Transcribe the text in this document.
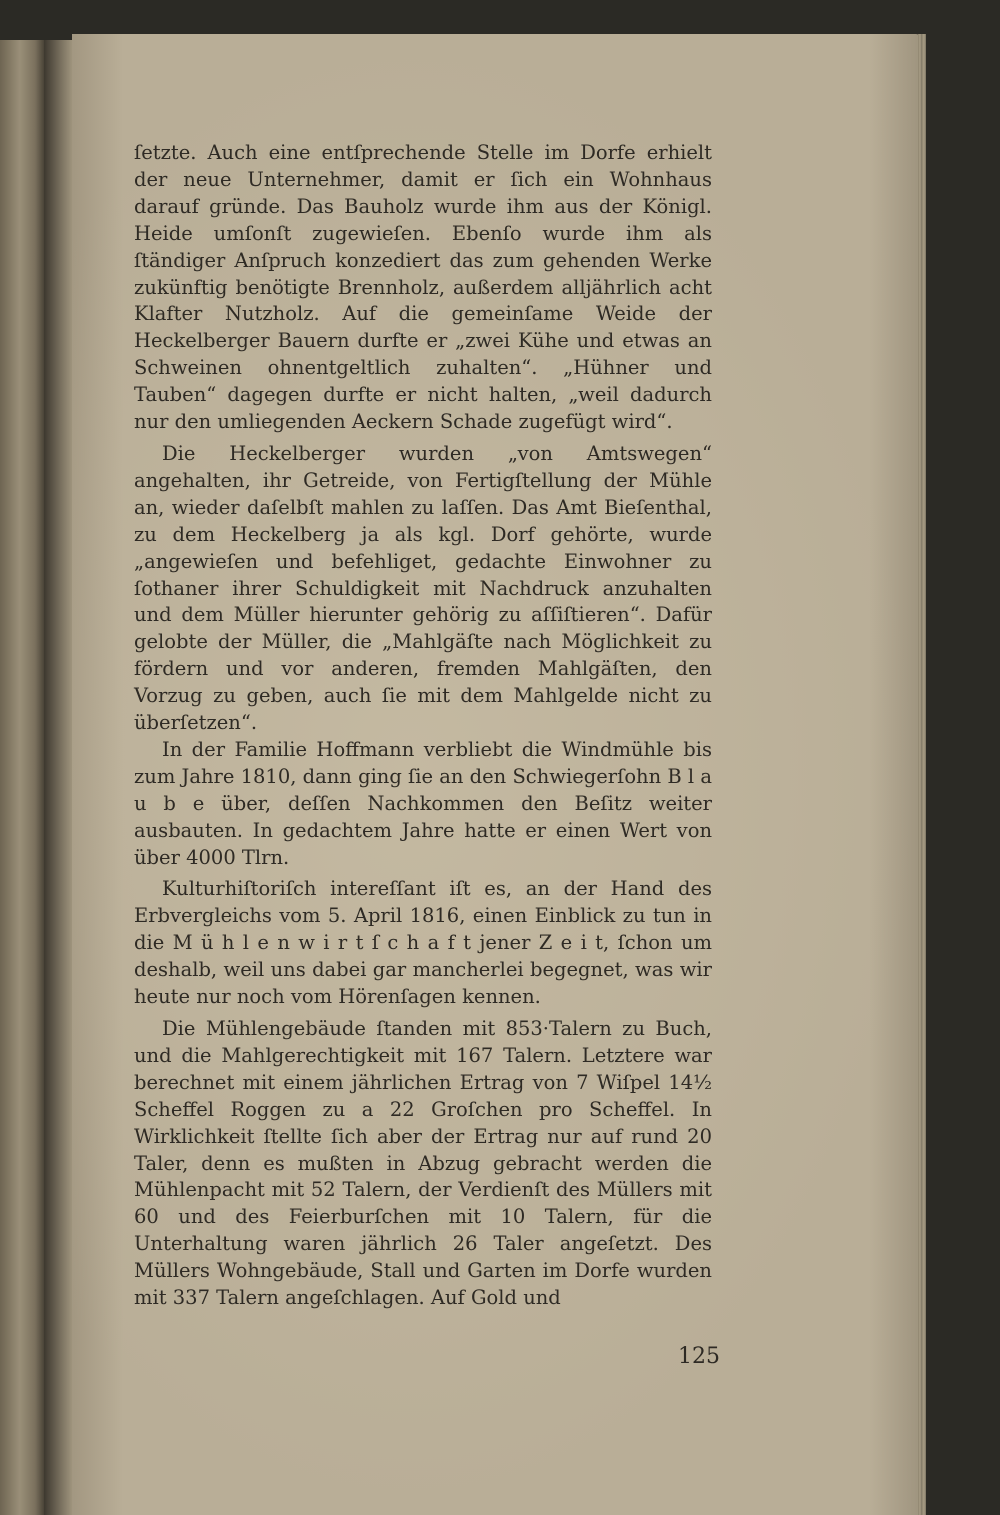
ſetzte. Auch eine entſprechende Stelle im Dorfe erhielt der neue Unternehmer, damit er ſich ein Wohnhaus darauf gründe. Das Bauholz wurde ihm aus der Königl. Heide umſonſt zugewieſen. Ebenſo wurde ihm als ſtändiger Anſpruch konzediert das zum gehenden Werke zukünftig benötigte Brennholz, außerdem alljährlich acht Klafter Nutzholz. Auf die gemeinſame Weide der Heckelberger Bauern durfte er „zwei Kühe und etwas an Schweinen ohnentgeltlich zuhalten“. „Hühner und Tauben“ dagegen durfte er nicht halten, „weil dadurch nur den umliegenden Aeckern Schade zugefügt wird“.

Die Heckelberger wurden „von Amtswegen“ angehalten, ihr Getreide, von Fertigſtellung der Mühle an, wieder daſelbſt mahlen zu laſſen. Das Amt Bieſenthal, zu dem Heckelberg ja als kgl. Dorf gehörte, wurde „angewieſen und befehliget, gedachte Einwohner zu ſothaner ihrer Schuldigkeit mit Nachdruck anzuhalten und dem Müller hierunter gehörig zu aſſiſtieren“. Dafür gelobte der Müller, die „Mahlgäſte nach Möglichkeit zu fördern und vor anderen, fremden Mahlgäſten, den Vorzug zu geben, auch ſie mit dem Mahlgelde nicht zu überſetzen“.

In der Familie Hoffmann verbliebt die Windmühle bis zum Jahre 1810, dann ging ſie an den Schwiegerſohn B l a u b e über, deſſen Nachkommen den Beſitz weiter ausbauten. In gedachtem Jahre hatte er einen Wert von über 4000 Tlrn.

Kulturhiſtoriſch intereſſant iſt es, an der Hand des Erbvergleichs vom 5. April 1816, einen Einblick zu tun in die M ü h l e n w i r t ſ c h a f t jener Z e i t, ſchon um deshalb, weil uns dabei gar mancherlei begegnet, was wir heute nur noch vom Hörenſagen kennen.

Die Mühlengebäude ſtanden mit 853·Talern zu Buch, und die Mahlgerechtigkeit mit 167 Talern. Letztere war berechnet mit einem jährlichen Ertrag von 7 Wiſpel 14½ Scheffel Roggen zu a 22 Groſchen pro Scheffel. In Wirklichkeit ſtellte ſich aber der Ertrag nur auf rund 20 Taler, denn es mußten in Abzug gebracht werden die Mühlenpacht mit 52 Talern, der Verdienſt des Müllers mit 60 und des Feierburſchen mit 10 Talern, für die Unterhaltung waren jährlich 26 Taler angeſetzt. Des Müllers Wohngebäude, Stall und Garten im Dorfe wurden mit 337 Talern angeſchlagen. Auf Gold und

125
